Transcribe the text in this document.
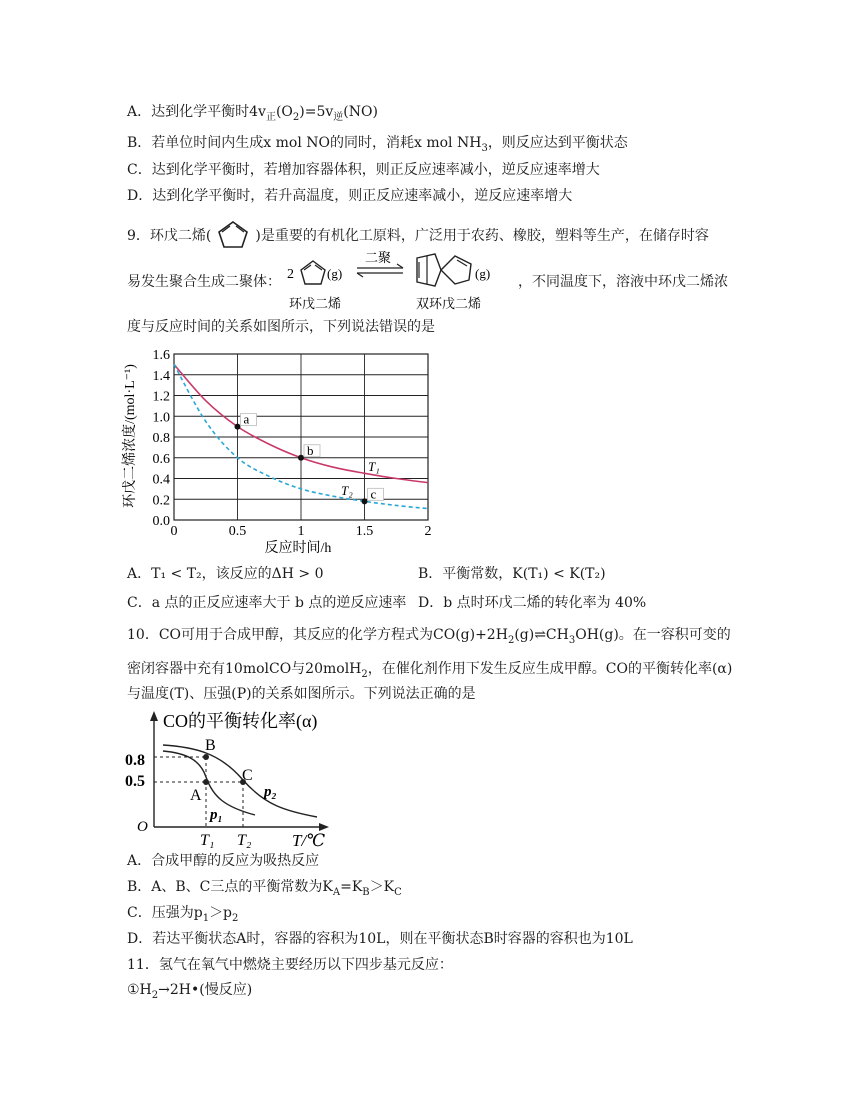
A．达到化学平衡时$4v_正(O_2)=5v_逆(NO)$
B．若单位时间内生成x mol NO的同时，消耗x mol $NH_3$，则反应达到平衡状态
C．达到化学平衡时，若增加容器体积，则正反应速率减小，逆反应速率增大
D．达到化学平衡时，若升高温度，则正反应速率减小，逆反应速率增大
9．环戊二烯(	)是重要的有机化工原料，广泛用于农药、橡胶，塑料等生产，在储存时容
易发生聚合生成二聚体： 2	(g)
二聚
(g)
环戊二烯	双环戊二烯
，不同温度下，溶液中环戊二烯浓
度与反应时间的关系如图所示，下列说法错误的是
a
b
c
0	0.5	1	1.5	2
0.0
0.2
0.4
0.6
0.8
1.0
1.2
1.4
1.6
反应时间/h
环戊二烯浓度/(mol·L⁻¹)	T₁
T₂
A．T₁ < T₂，该反应的ΔH > 0	B．平衡常数，K(T₁) < K(T₂)
C．a 点的正反应速率大于 b 点的逆反应速率 D．b 点时环戊二烯的转化率为 40%
10．CO可用于合成甲醇，其反应的化学方程式为$CO(g)+2H_2(g)\rightleftharpoons CH_3OH(g)$。在一容积可变的
密闭容器中充有10molCO与20molH$_2$，在催化剂作用下发生反应生成甲醇。CO的平衡转化率(α)
与温度(T)、压强(P)的关系如图所示。下列说法正确的是
CO的平衡转化率(α)
O
T/℃
0.8
0.5
B
A
C
p₁
p₂
T₁ T₂
A．合成甲醇的反应为吸热反应
B．A、B、C三点的平衡常数为$K_A=K_B>K_C$
C．压强为$p_1>p_2$
D．若达平衡状态A时，容器的容积为10L，则在平衡状态B时容器的容积也为10L
11．氢气在氧气中燃烧主要经历以下四步基元反应：
$①H_2\to 2H•$(慢反应)
